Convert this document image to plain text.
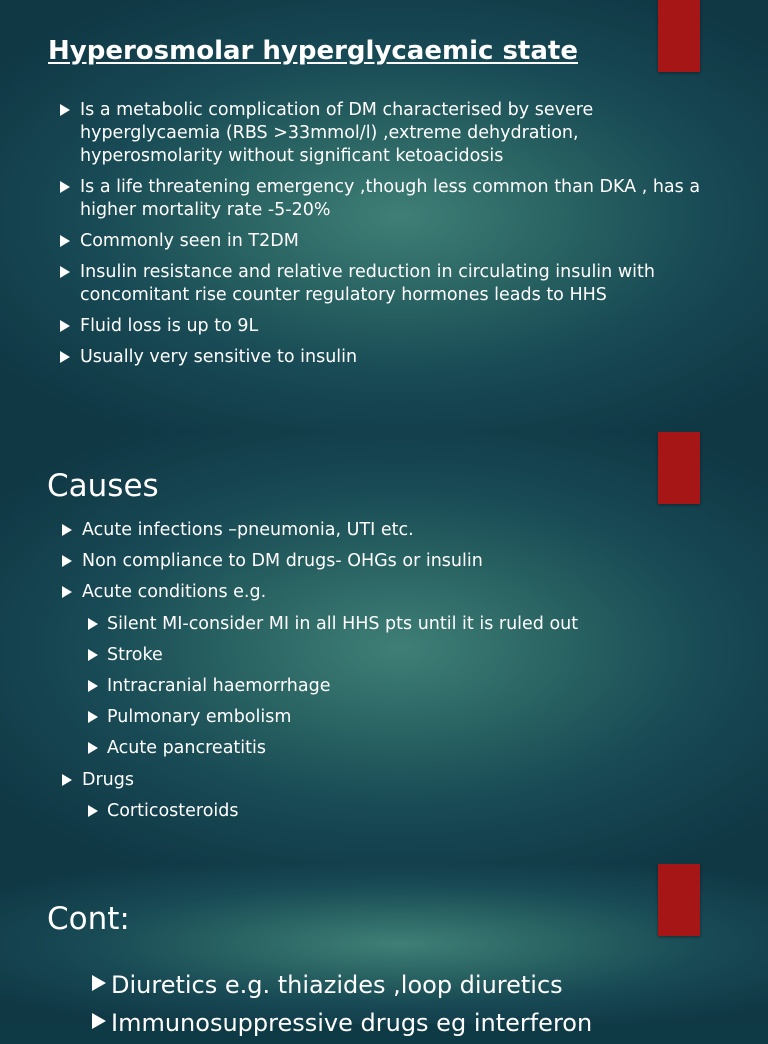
Hyperosmolar hyperglycaemic state
Is a metabolic complication of DM characterised by severe hyperglycaemia (RBS >33mmol/l) ,extreme dehydration, hyperosmolarity without significant ketoacidosis
Is a life threatening emergency ,though less common than DKA , has a higher mortality rate -5-20%
Commonly seen in T2DM
Insulin resistance and relative reduction in circulating insulin with concomitant rise counter regulatory hormones leads to HHS
Fluid loss is up to 9L
Usually very sensitive to insulin
Causes
Acute infections –pneumonia, UTI etc.
Non compliance to DM drugs- OHGs or insulin
Acute conditions e.g.
Silent MI-consider MI in all HHS pts until it is ruled out
Stroke
Intracranial haemorrhage
Pulmonary embolism
Acute pancreatitis
Drugs
Corticosteroids
Cont:
Diuretics e.g. thiazides ,loop diuretics
Immunosuppressive drugs eg interferon
